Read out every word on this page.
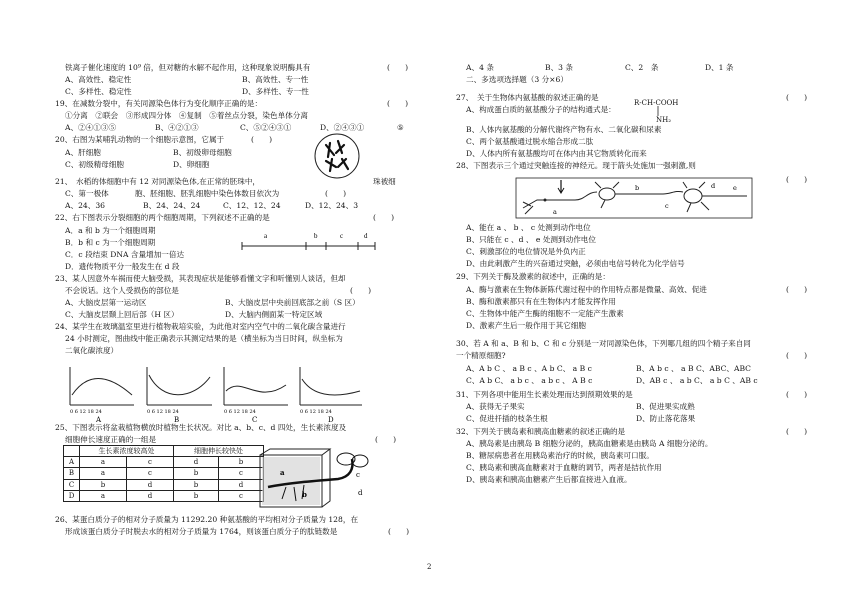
铁离子催化速度的 10⁹ 倍，但对糖的水解不起作用，这种现象说明酶具有	(　　)
A、高效性、稳定性	B、高效性、专一性
C、多样性、稳定性	D、多样性、专一性
19、在减数分裂中，有关同源染色体行为变化顺序正确的是：	(　　)
①分离　②联会　③形成四分体　④复制　⑤着丝点分裂，染色单体分离
A、②④①③⑤	B、④②①③	C、⑤②④③①	D、②④③①	⑤
20、右图为某哺乳动物的一个细胞示意图，它属于	(　　)
A、肝细胞	B、初级卵母细胞
C、初级精母细胞	D、卵细胞
C、第一极体
21、　水稻的体细胞中有 12 对同源染色体,在正常的胚珠中，	珠被细
胞、胚细胞、胚乳细胞中染色体数目依次为	(　　)
A、24、36	B、24、24、24	C、12、12、24	D、12、24、3
22、右下图表示分裂细胞的两个细胞周期，下列叙述不正确的是	(　　)
A．a 和 b 为一个细胞周期
B．b 和 c 为一个细胞周期
C．c 段结束 DNA 含量增加一倍达
D．遗传物质平分一般发生在 d 段
23、某人因意外车祸而使大脑受损，其表现症状是能够看懂文字和听懂别人谈话，但却
不会说话。这个人受损伤的部位是	(　　)
A、大脑皮层第一运动区	B、大脑皮层中央前回底部之前（S 区）
C、大脑皮层颞上回后部（H 区）	D、大脑内侧面某一特定区域
24、某学生在玻璃温室里进行植物栽培实验，为此他对室内空气中的二氧化碳含量进行
24 小时测定，图曲线中能正确表示其测定结果的是（横坐标为当日时间，纵坐标为
二氧化碳浓度）
25、下图表示将盆栽植物横放时植物生长状况。对比 a、b、c、d 四处，生长素浓度及
细胞伸长速度正确的一组是	(　　)
26、某蛋白质分子的相对分子质量为 11292.20 种氨基酸的平均相对分子质量为 128，在
形成该蛋白质分子时脱去水的相对分子质量为 1764，则该蛋白质分子的肽链数是	(　　)
a	b	c	d
0 6 12 18 24
A
0 6 12 18 24
B
0 6 12 18 24
C
0 6 12 18 24
D
	生长素浓度较高处		细胞伸长较快处	
A	a	c	d	b
B	a	c	b	c
C	b	d	b	d
D	a	d	b	c
a
b
c
d
A、4 条	B、3 条	C、2　条	D、1 条
二、多选项选择题（3 分×6）
27、　关于生物体内氨基酸的叙述正确的是	(　　)
A、构成蛋白质的氨基酸分子的结构通式是：
R-CH-COOH
NH₂
B、人体内氨基酸的分解代谢终产物有水、二氧化碳和尿素
C、两个氨基酸通过脱水缩合形成二肽
D、人体内所有氨基酸均可在体内由其它物质转化而来
28、下图表示三个通过突触连接的神经元。现于箭头处施加一强刺激,则
(　　)
A、能在 a 、 b 、 c 处测到动作电位
B、只能在 c 、d 、 e 处测到动作电位
C、刺激部位的电位情况是外负内正
D、由此刺激产生的兴奋通过突触，必须由电信号转化为化学信号
29、下列关于酶及激素的叙述中，正确的是：
(　　)
A、酶与激素在生物体新陈代谢过程中的作用特点都是微量、高效、促进
B、酶和激素都只有在生物体内才能发挥作用
C、生物体中能产生酶的细胞不一定能产生激素
D、激素产生后一般作用于其它细胞
30、若 A 和 a、B 和 b、C 和 c 分别是一对同源染色体，下列哪几组的四个精子来自同
一个精原细胞?	(　　)
A、A b C 、 a B c 、A b C、 a B c	B、A b c 、 a B C、ABC、ABC
C、A b C、 a b c 、 a b c 、 A B c	D、AB c 、 a b C、 a b C 、AB c
31、下列各项中能用生长素处理而达到预期效果的是	(　　)
A、获得无子果实	B、促进果实成熟
C、促进扦插的枝条生根	D、防止落花落果
32、下列关于胰岛素和胰高血糖素的叙述正确的是	(　　)
A、胰岛素是由胰岛 B 细胞分泌的，胰高血糖素是由胰岛 A 细胞分泌的。
B、糖尿病患者在用胰岛素治疗的时候，胰岛素可口服。
C、胰岛素和胰高血糖素对于血糖的调节，两者是拮抗作用
D、胰岛素和胰高血糖素产生后都直接进入血液。
a
b
c
d	e
2
